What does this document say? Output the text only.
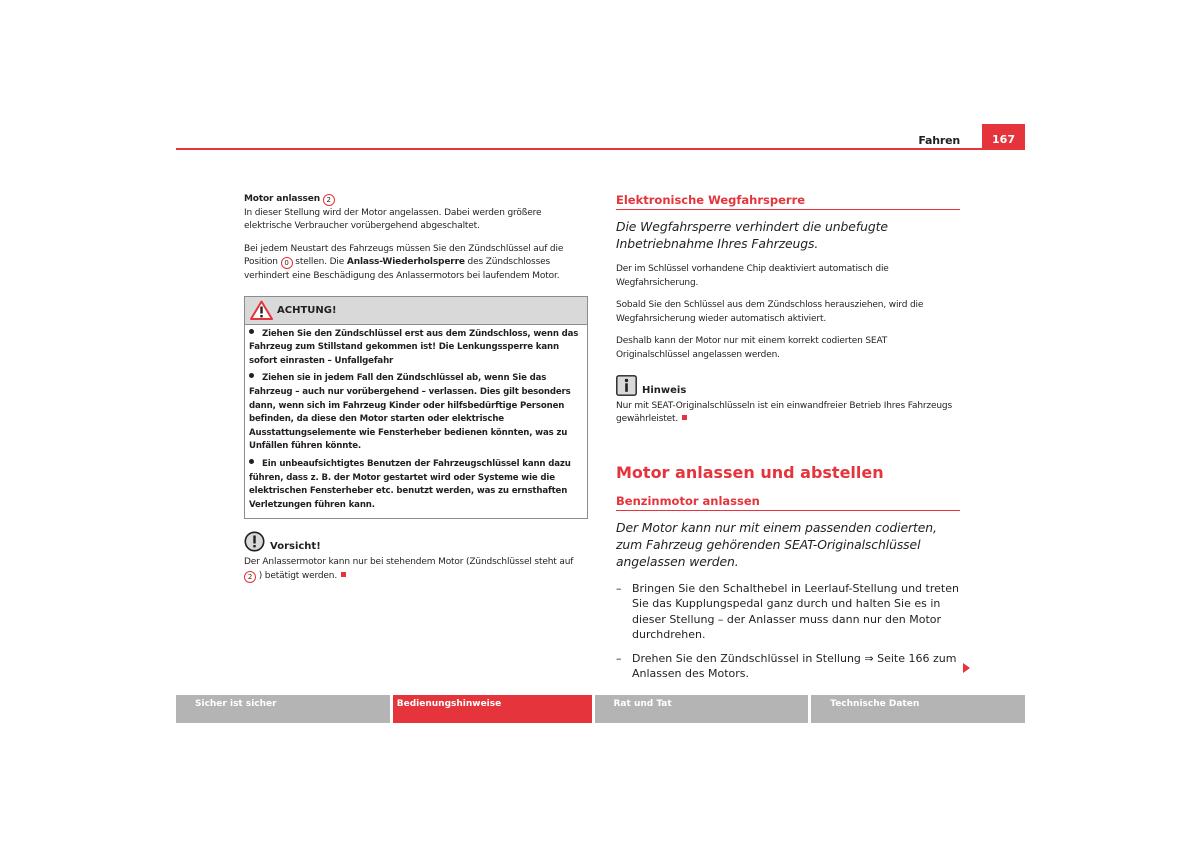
Fahren	167

Motor anlassen 2
In dieser Stellung wird der Motor angelassen. Dabei werden größere elektrische Verbraucher vorübergehend abgeschaltet.

Bei jedem Neustart des Fahrzeugs müssen Sie den Zündschlüssel auf die Position 0 stellen. Die Anlass-Wiederholsperre des Zündschlosses verhindert eine Beschädigung des Anlassermotors bei laufendem Motor.

ACHTUNG!
Ziehen Sie den Zündschlüssel erst aus dem Zündschloss, wenn das Fahrzeug zum Stillstand gekommen ist! Die Lenkungssperre kann sofort einrasten – Unfallgefahr
Ziehen sie in jedem Fall den Zündschlüssel ab, wenn Sie das Fahrzeug – auch nur vorübergehend – verlassen. Dies gilt besonders dann, wenn sich im Fahrzeug Kinder oder hilfsbedürftige Personen befinden, da diese den Motor starten oder elektrische Ausstattungselemente wie Fensterheber bedienen könnten, was zu Unfällen führen könnte.
Ein unbeaufsichtigtes Benutzen der Fahrzeugschlüssel kann dazu führen, dass z. B. der Motor gestartet wird oder Systeme wie die elektrischen Fensterheber etc. benutzt werden, was zu ernsthaften Verletzungen führen kann.
Vorsicht!

Der Anlassermotor kann nur bei stehendem Motor (Zündschlüssel steht auf
2 ) betätigt werden.

Elektronische Wegfahrsperre

Die Wegfahrsperre verhindert die unbefugte Inbetriebnahme Ihres Fahrzeugs.

Der im Schlüssel vorhandene Chip deaktiviert automatisch die Wegfahrsicherung.

Sobald Sie den Schlüssel aus dem Zündschloss herausziehen, wird die Wegfahrsicherung wieder automatisch aktiviert.

Deshalb kann der Motor nur mit einem korrekt codierten SEAT Originalschlüssel angelassen werden.

Hinweis

Nur mit SEAT-Originalschlüsseln ist ein einwandfreier Betrieb Ihres Fahrzeugs gewährleistet.

Motor anlassen und abstellen
Benzinmotor anlassen

Der Motor kann nur mit einem passenden codierten, zum Fahrzeug gehörenden SEAT-Originalschlüssel angelassen werden.

– Bringen Sie den Schalthebel in Leerlauf-Stellung und treten Sie das Kupplungspedal ganz durch und halten Sie es in dieser Stellung – der Anlasser muss dann nur den Motor durchdrehen.
– Drehen Sie den Zündschlüssel in Stellung ⇒ Seite 166 zum Anlassen des Motors.
Sicher ist sicher	Bedienungshinweise	Rat und Tat	Technische Daten
